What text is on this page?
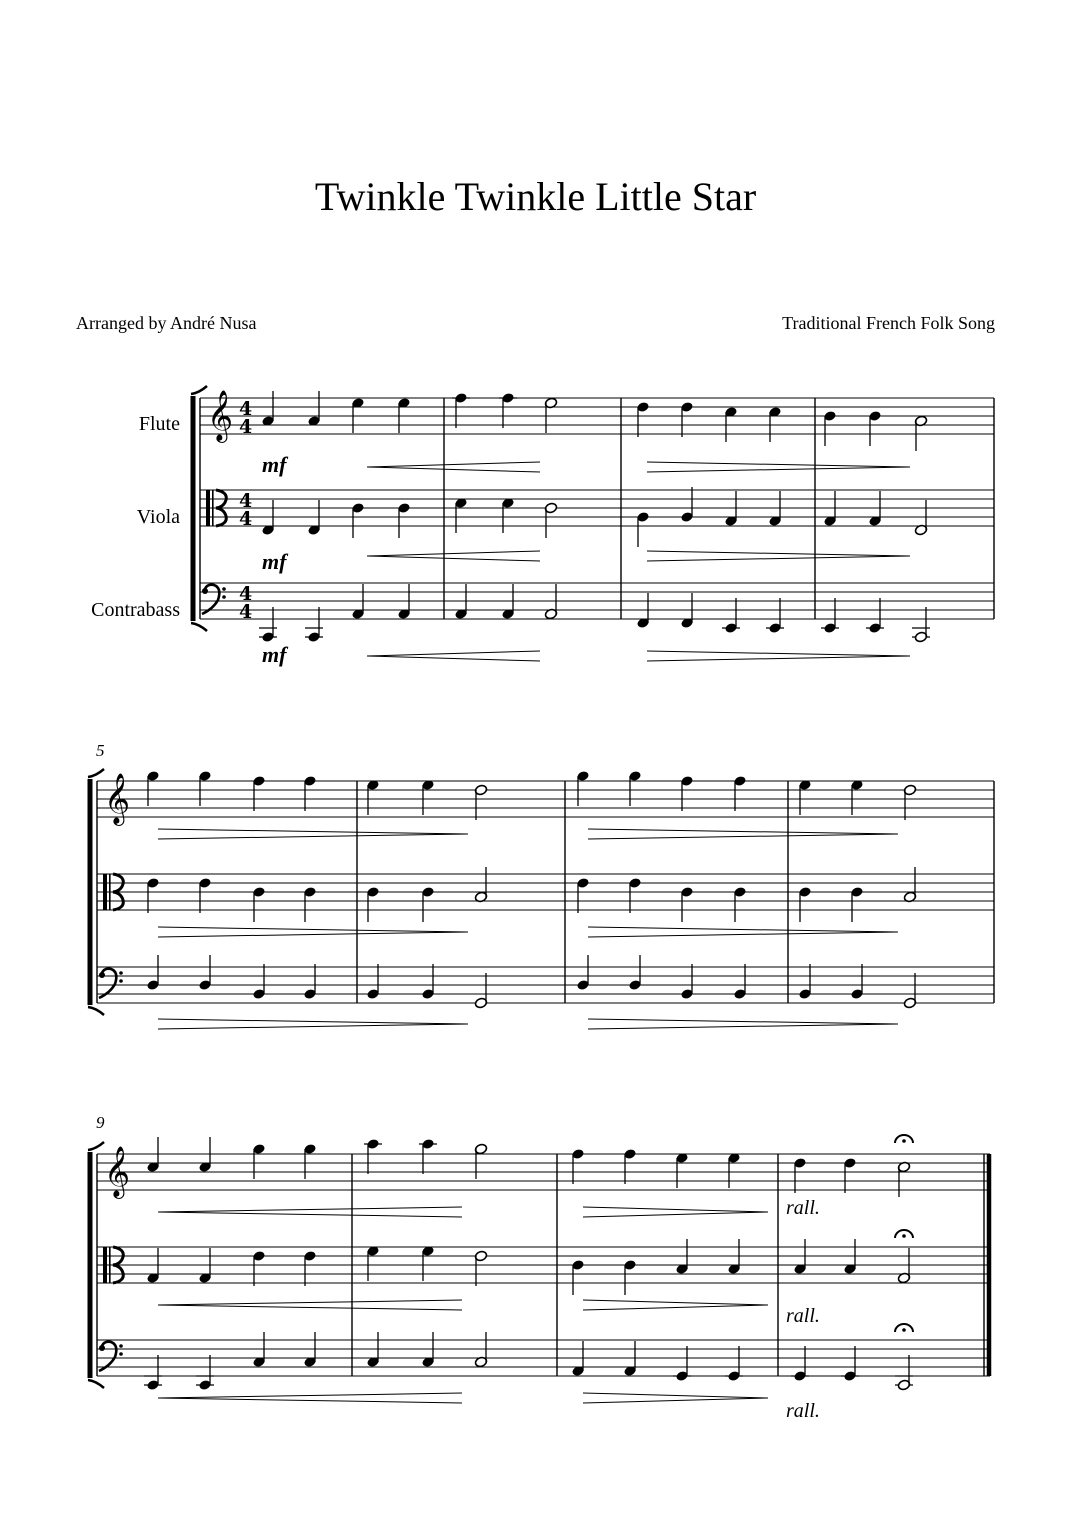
Twinkle Twinkle Little Star
Arranged by André Nusa	Traditional French Folk Song
Flute
Viola
Contrabass
5
9
mf
mf
mf
rall.
rall.
rall.
𝄞 4
4
4
4
4
4
𝄞
𝄞
